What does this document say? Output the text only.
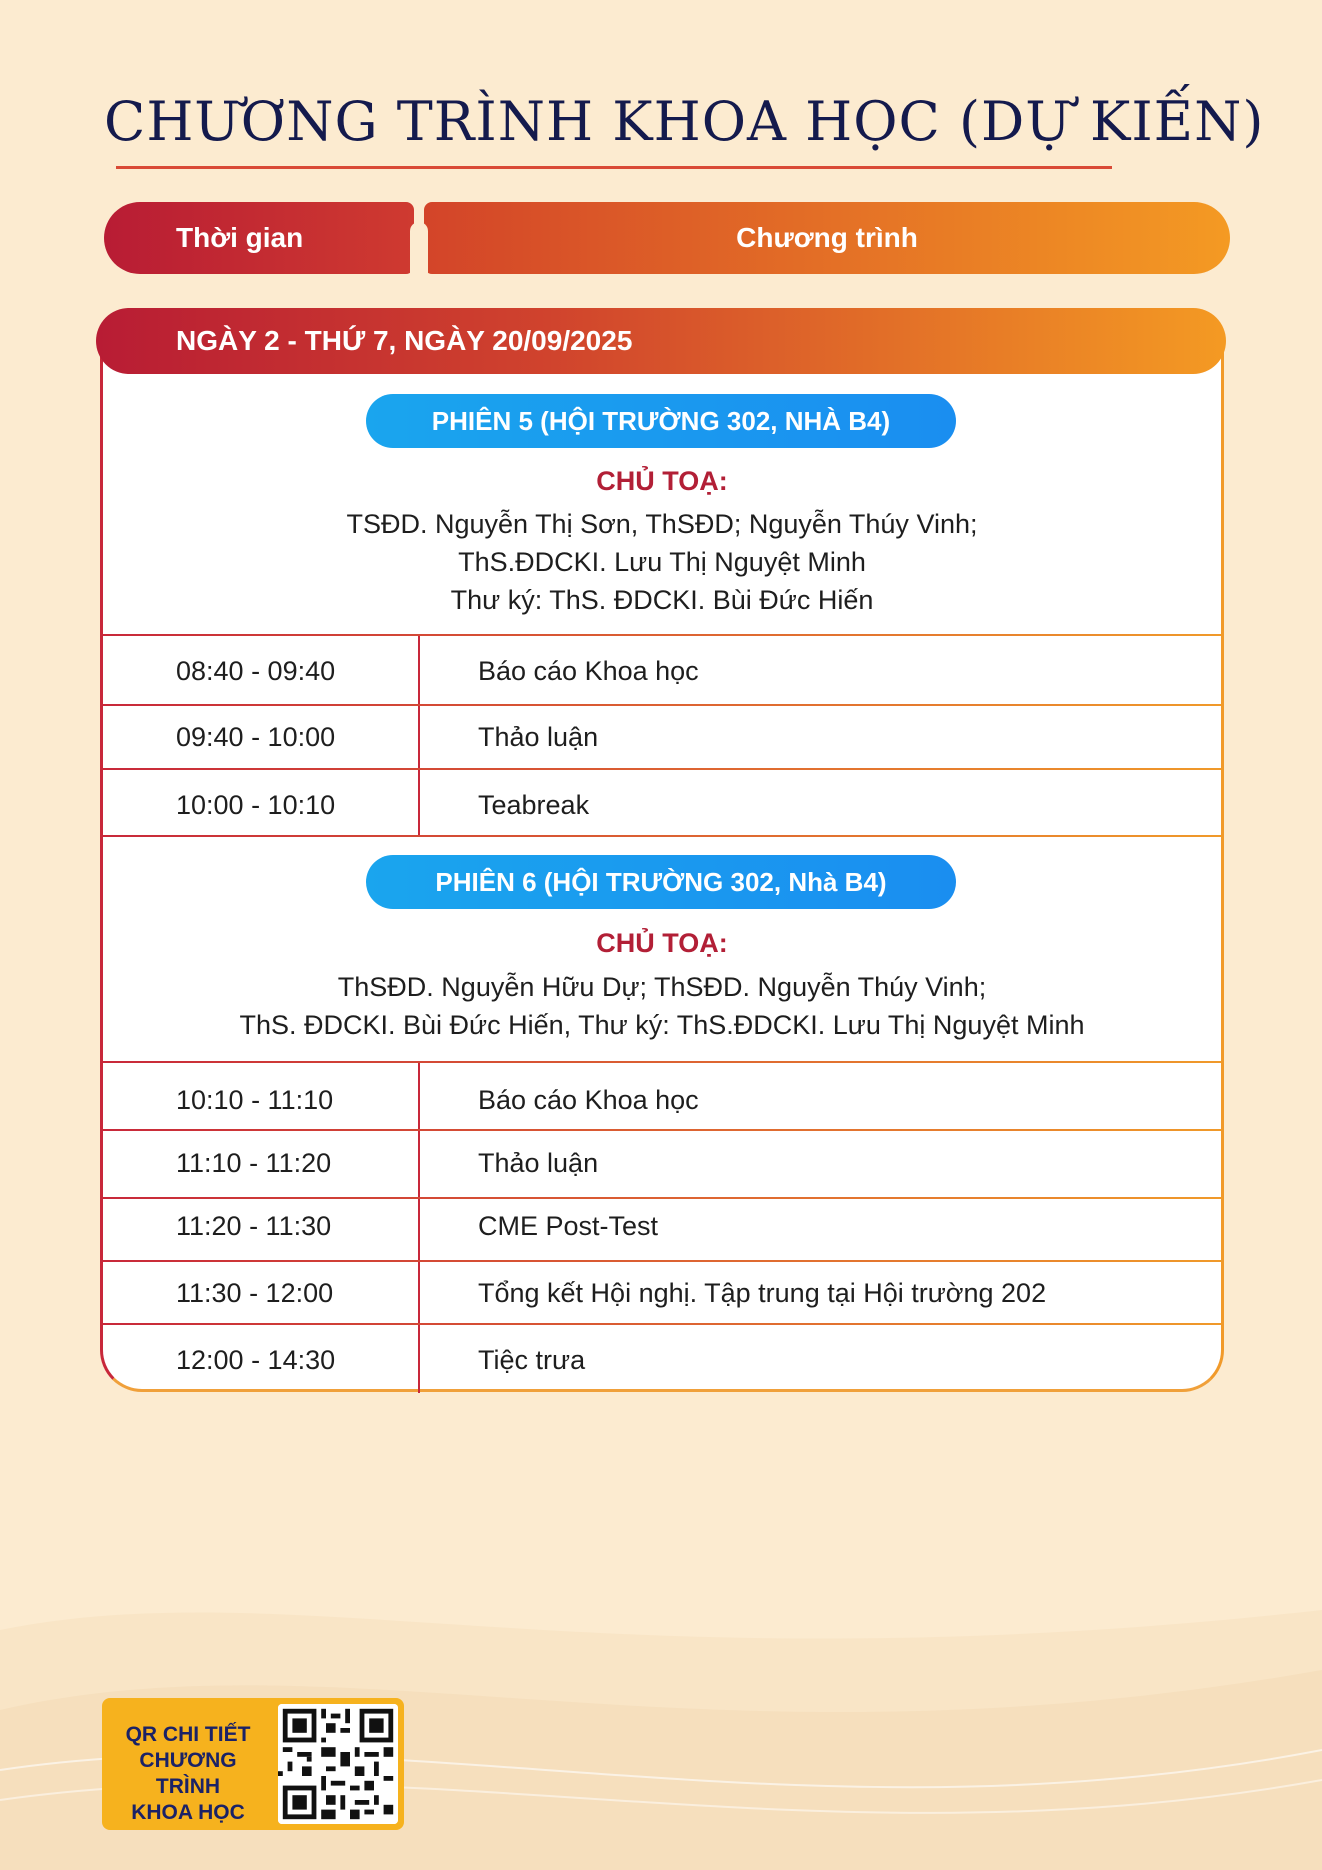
CHƯƠNG TRÌNH KHOA HỌC (DỰ KIẾN)
Thời gian	Chương trình
NGÀY 2 - THỨ 7, NGÀY 20/09/2025
PHIÊN 5 (HỘI TRƯỜNG 302, NHÀ B4)
CHỦ TOẠ:
TSĐD. Nguyễn Thị Sơn, ThSĐD; Nguyễn Thúy Vinh;
ThS.ĐDCKI. Lưu Thị Nguyệt Minh
Thư ký: ThS. ĐDCKI. Bùi Đức Hiến
08:40 - 09:40	Báo cáo Khoa học
09:40 - 10:00	Thảo luận
10:00 - 10:10	Teabreak
PHIÊN 6 (HỘI TRƯỜNG 302, Nhà B4)
CHỦ TOẠ:
ThSĐD. Nguyễn Hữu Dự; ThSĐD. Nguyễn Thúy Vinh;
ThS. ĐDCKI. Bùi Đức Hiến, Thư ký: ThS.ĐDCKI. Lưu Thị Nguyệt Minh
10:10 - 11:10	Báo cáo Khoa học
11:10 - 11:20	Thảo luận
11:20 - 11:30	CME Post-Test
11:30 - 12:00	Tổng kết Hội nghị. Tập trung tại Hội trường 202
12:00 - 14:30	Tiệc trưa
QR CHI TIẾT
CHƯƠNG TRÌNH
KHOA HỌC
